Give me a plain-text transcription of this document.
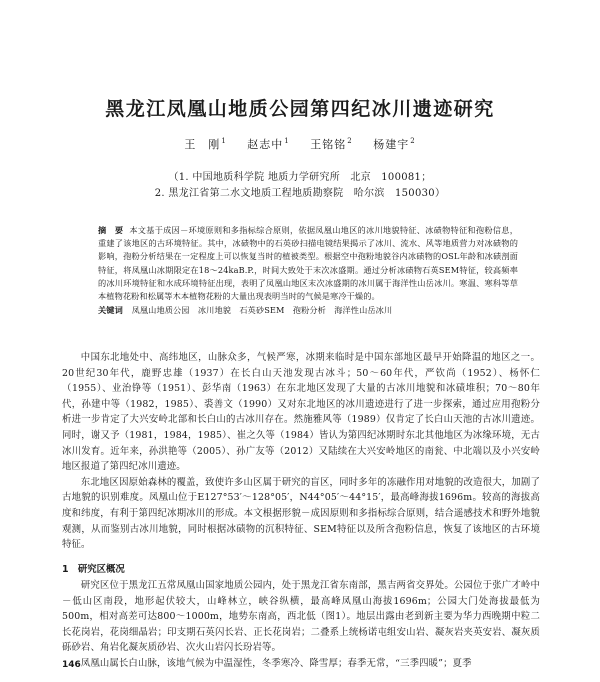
黑龙江凤凰山地质公园第四纪冰川遗迹研究
王　刚$^1$ 赵志中$^1$ 王铭铭$^2$ 杨建宇$^2$
（1. 中国地质科学院 地质力学研究所　北京　100081；
2. 黑龙江省第二水文地质工程地质勘察院　哈尔滨　150030）
摘　要 本文基于成因－环境原则和多指标综合原则，依据凤凰山地区的冰川地貌特征、冰碛物特征和孢粉信息，重建了该地区的古环境特征。其中，冰碛物中的石英砂扫描电镜结果揭示了冰川、流水、风等地质营力对冰碛物的影响，孢粉分析结果在一定程度上可以恢复当时的植被类型。根据空中孢粉地貌谷内冰碛物的OSL年龄和冰碛剖面特征，将凤凰山冰期限定在18～24kaB.P.，时间大致处于末次冰盛期。通过分析冰碛物石英SEM特征，较高频率的冰川环境特征和水成环境特征出现，表明了凤凰山地区末次冰盛期的冰川属于海洋性山岳冰川。寒温、寒科等草本植物花粉和松属等木本植物花粉的大量出现表明当时的气候是寒冷干燥的。
关键词 凤凰山地质公园　 冰川地貌　 石英砂SEM　 孢粉分析　 海洋性山岳冰川

中国东北地处中、高纬地区，山脉众多，气候严寒，冰期来临时是中国东部地区最早开始降温的地区之一。20世纪30年代，鹿野忠雄（1937）在长白山天池发现古冰斗；50～60年代，严钦尚（1952）、杨怀仁（1955）、业治铮等（1951）、彭华南（1963）在东北地区发现了大量的古冰川地貌和冰碛堆积；70～80年代，孙建中等（1982，1985）、裘善文（1990）又对东北地区的冰川遗迹进行了进一步探索，通过应用孢粉分析进一步肯定了大兴安岭北部和长白山的古冰川存在。然施雅风等（1989）仅肯定了长白山天池的古冰川遗迹。同时，谢又予（1981，1984，1985）、崔之久等（1984）皆认为第四纪冰期时东北其他地区为冰缘环境，无古冰川发育。近年来，孙洪艳等（2005）、孙广友等（2012）又陆续在大兴安岭地区的南瓮、中北端以及小兴安岭地区报道了第四纪冰川遗迹。

东北地区因原始森林的覆盖，致使许多山区属于研究的盲区，同时多年的冻融作用对地貌的改造很大，加剧了古地貌的识别难度。凤凰山位于E127°53′～128°05′，N44°05′～44°15′，最高峰海拔1696m。较高的海拔高度和纬度，有利于第四纪冰期冰川的形成。本文根据形貌－成因原则和多指标综合原则，结合遥感技术和野外地貌观测，从而鉴别古冰川地貌，同时根据冰碛物的沉积特征、SEM特征以及所含孢粉信息，恢复了该地区的古环境特征。

1　研究区概况

研究区位于黑龙江五常凤凰山国家地质公园内，处于黑龙江省东南部，黑吉两省交界处。公园位于张广才岭中－低山区南段，地形起伏较大，山峰林立，峡谷纵横，最高峰凤凰山海拔1696m；公园大门处海拔最低为500m，相对高差可达800～1000m，地势东南高，西北低（图1）。地层出露由老到新主要为华力西晚期中粒二长花岗岩，花岗细晶岩；印支期石英闪长岩、正长花岗岩；二叠系上统杨诺屯组安山岩、凝灰岩夹英安岩、凝灰质砾砂岩、角岩化凝灰质砂岩、次火山岩闪长玢岩等。

凤凰山属长白山脉，该地气候为中温湿性，冬季寒冷、降雪厚；春季无常，“三季四暖”；夏季

146
